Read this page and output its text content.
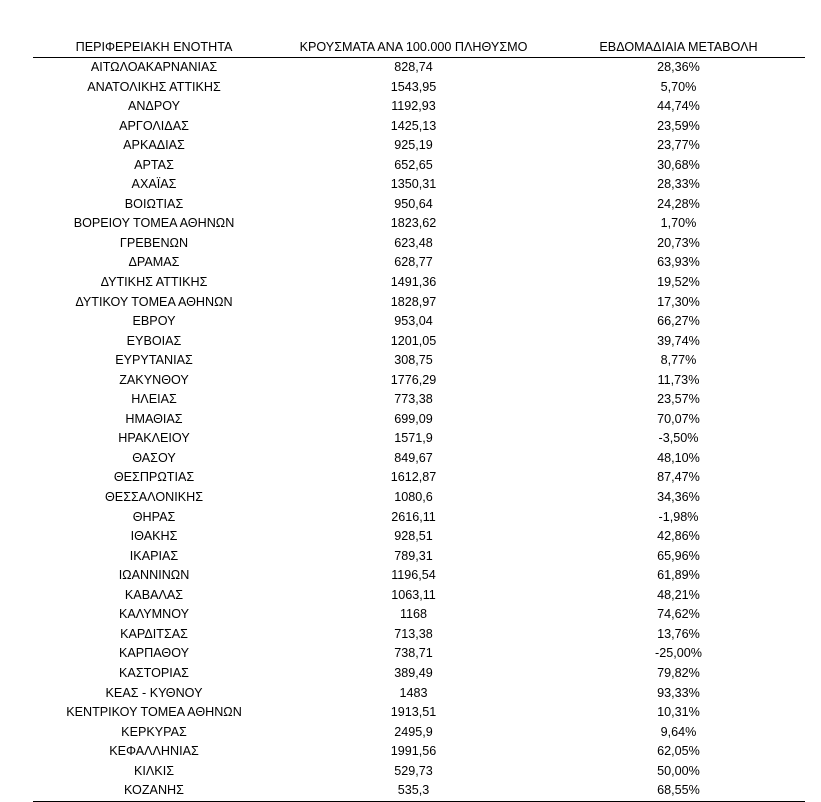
ΠΕΡΙΦΕΡΕΙΑΚΗ ΕΝΟΤΗΤΑ	ΚΡΟΥΣΜΑΤΑ ΑΝΑ 100.000 ΠΛΗΘΥΣΜΟ	ΕΒΔΟΜΑΔΙΑΙΑ ΜΕΤΑΒΟΛΗ
ΑΙΤΩΛΟΑΚΑΡΝΑΝΙΑΣ	828,74	28,36%
ΑΝΑΤΟΛΙΚΗΣ ΑΤΤΙΚΗΣ	1543,95	5,70%
ΑΝΔΡΟΥ	1192,93	44,74%
ΑΡΓΟΛΙΔΑΣ	1425,13	23,59%
ΑΡΚΑΔΙΑΣ	925,19	23,77%
ΑΡΤΑΣ	652,65	30,68%
ΑΧΑΪΑΣ	1350,31	28,33%
ΒΟΙΩΤΙΑΣ	950,64	24,28%
ΒΟΡΕΙΟΥ ΤΟΜΕΑ ΑΘΗΝΩΝ	1823,62	1,70%
ΓΡΕΒΕΝΩΝ	623,48	20,73%
ΔΡΑΜΑΣ	628,77	63,93%
ΔΥΤΙΚΗΣ ΑΤΤΙΚΗΣ	1491,36	19,52%
ΔΥΤΙΚΟΥ ΤΟΜΕΑ ΑΘΗΝΩΝ	1828,97	17,30%
ΕΒΡΟΥ	953,04	66,27%
ΕΥΒΟΙΑΣ	1201,05	39,74%
ΕΥΡΥΤΑΝΙΑΣ	308,75	8,77%
ΖΑΚΥΝΘΟΥ	1776,29	11,73%
ΗΛΕΙΑΣ	773,38	23,57%
ΗΜΑΘΙΑΣ	699,09	70,07%
ΗΡΑΚΛΕΙΟΥ	1571,9	-3,50%
ΘΑΣΟΥ	849,67	48,10%
ΘΕΣΠΡΩΤΙΑΣ	1612,87	87,47%
ΘΕΣΣΑΛΟΝΙΚΗΣ	1080,6	34,36%
ΘΗΡΑΣ	2616,11	-1,98%
ΙΘΑΚΗΣ	928,51	42,86%
ΙΚΑΡΙΑΣ	789,31	65,96%
ΙΩΑΝΝΙΝΩΝ	1196,54	61,89%
ΚΑΒΑΛΑΣ	1063,11	48,21%
ΚΑΛΥΜΝΟΥ	1168	74,62%
ΚΑΡΔΙΤΣΑΣ	713,38	13,76%
ΚΑΡΠΑΘΟΥ	738,71	-25,00%
ΚΑΣΤΟΡΙΑΣ	389,49	79,82%
ΚΕΑΣ - ΚΥΘΝΟΥ	1483	93,33%
ΚΕΝΤΡΙΚΟΥ ΤΟΜΕΑ ΑΘΗΝΩΝ	1913,51	10,31%
ΚΕΡΚΥΡΑΣ	2495,9	9,64%
ΚΕΦΑΛΛΗΝΙΑΣ	1991,56	62,05%
ΚΙΛΚΙΣ	529,73	50,00%
ΚΟΖΑΝΗΣ	535,3	68,55%
